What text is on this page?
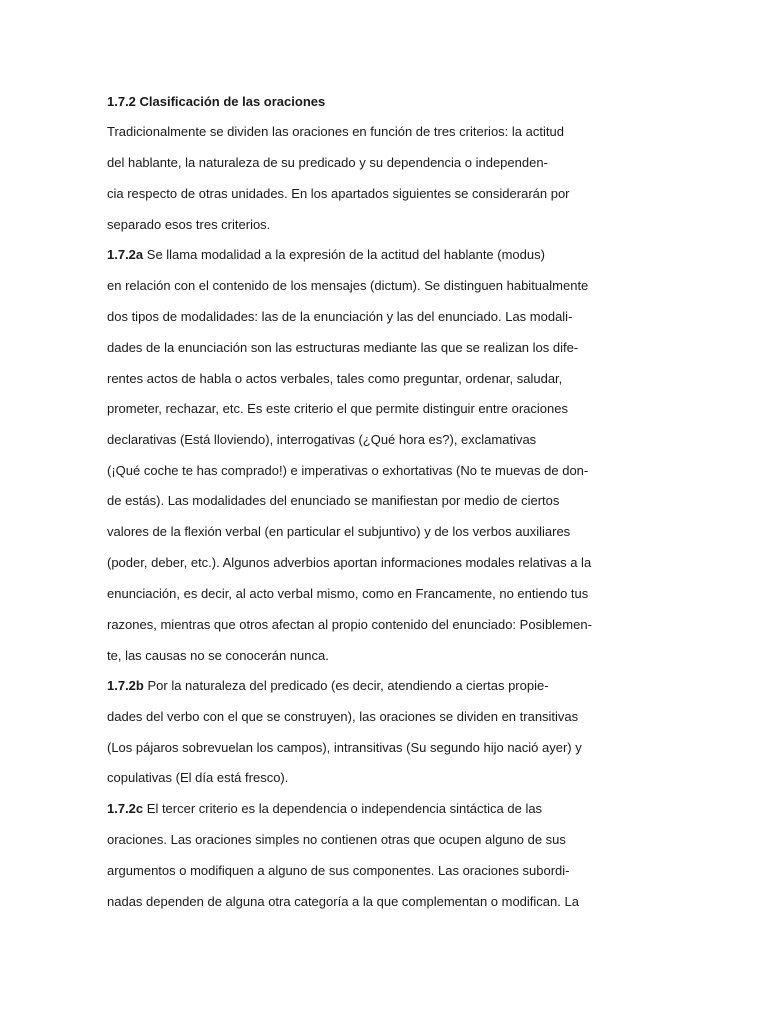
1.7.2 Clasificación de las oraciones
Tradicionalmente se dividen las oraciones en función de tres criterios: la actitud
del hablante, la naturaleza de su predicado y su dependencia o independen-
cia respecto de otras unidades. En los apartados siguientes se considerarán por
separado esos tres criterios.
1.7.2a Se llama modalidad a la expresión de la actitud del hablante (modus)
en relación con el contenido de los mensajes (dictum). Se distinguen habitualmente
dos tipos de modalidades: las de la enunciación y las del enunciado. Las modali-
dades de la enunciación son las estructuras mediante las que se realizan los dife-
rentes actos de habla o actos verbales, tales como preguntar, ordenar, saludar,
prometer, rechazar, etc. Es este criterio el que permite distinguir entre oraciones
declarativas (Está lloviendo), interrogativas (¿Qué hora es?), exclamativas
(¡Qué coche te has comprado!) e imperativas o exhortativas (No te muevas de don-
de estás). Las modalidades del enunciado se manifiestan por medio de ciertos
valores de la flexión verbal (en particular el subjuntivo) y de los verbos auxiliares
(poder, deber, etc.). Algunos adverbios aportan informaciones modales relativas a la
enunciación, es decir, al acto verbal mismo, como en Francamente, no entiendo tus
razones, mientras que otros afectan al propio contenido del enunciado: Posiblemen-
te, las causas no se conocerán nunca.
1.7.2b Por la naturaleza del predicado (es decir, atendiendo a ciertas propie-
dades del verbo con el que se construyen), las oraciones se dividen en transitivas
(Los pájaros sobrevuelan los campos), intransitivas (Su segundo hijo nació ayer) y
copulativas (El día está fresco).
1.7.2c El tercer criterio es la dependencia o independencia sintáctica de las
oraciones. Las oraciones simples no contienen otras que ocupen alguno de sus
argumentos o modifiquen a alguno de sus componentes. Las oraciones subordi-
nadas dependen de alguna otra categoría a la que complementan o modifican. La
